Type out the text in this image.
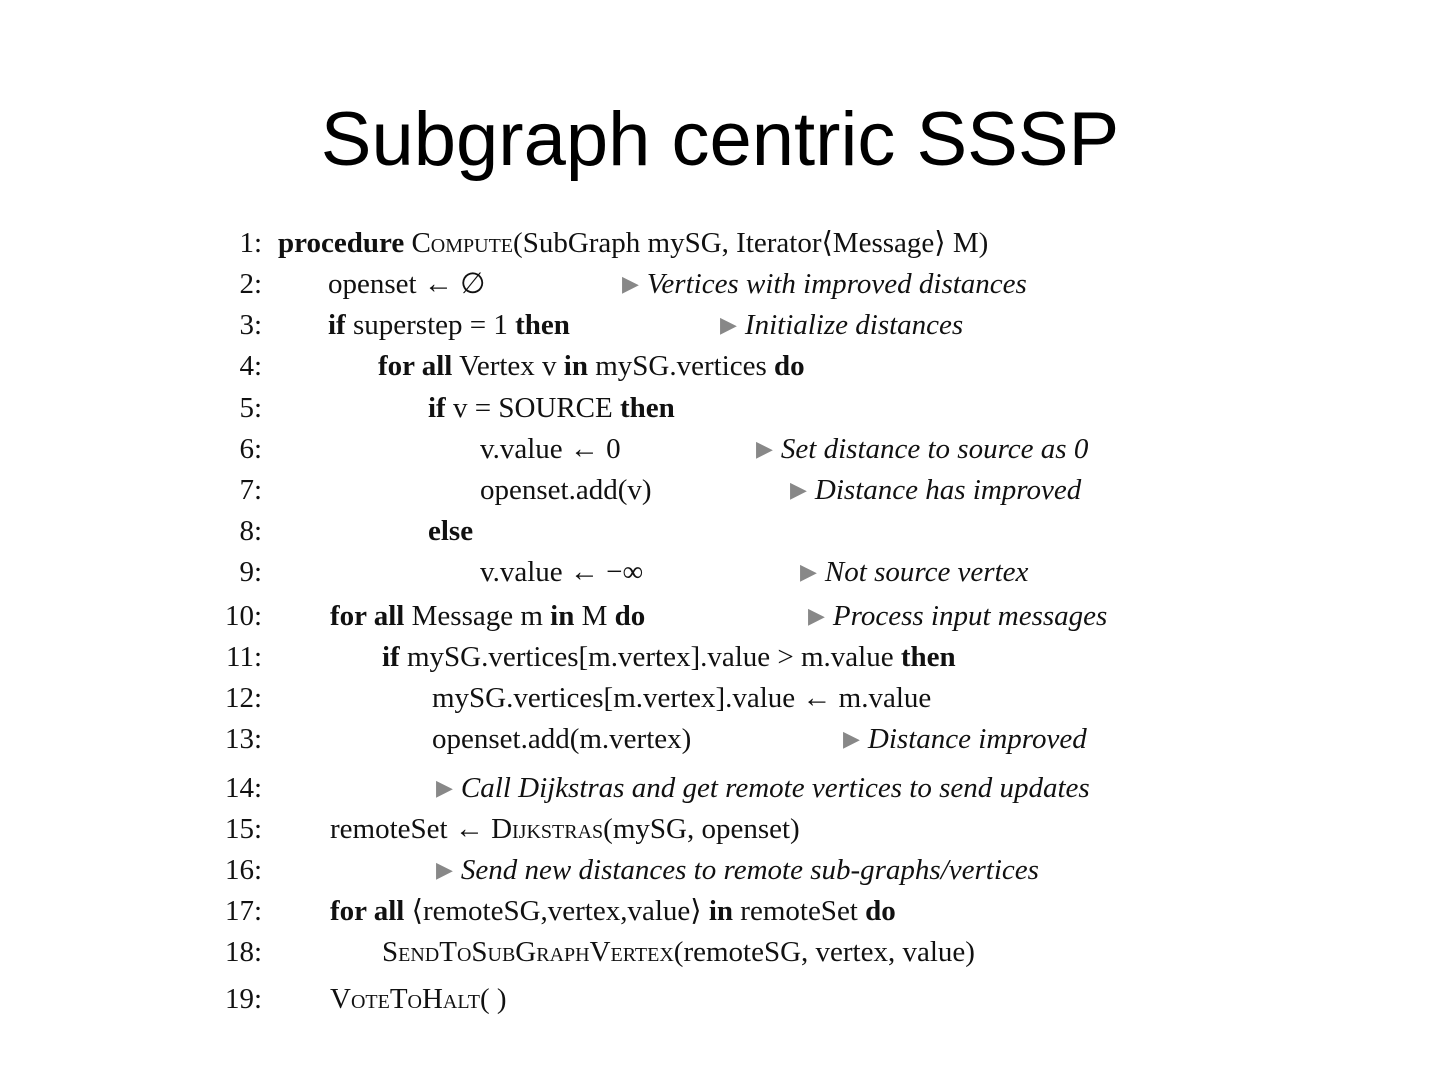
Subgraph centric SSSP
1: procedure Compute(SubGraph mySG, Iterator⟨Message⟩ M)
2: openset ← ∅	▶ Vertices with improved distances
3: if superstep = 1 then	▶ Initialize distances
4:	for all Vertex v in mySG.vertices do
5:	if v = SOURCE then
6:	v.value ← 0	▶ Set distance to source as 0
7:	openset.add(v)	▶ Distance has improved
8:	else
9:	v.value ← −∞	▶ Not source vertex
10: for all Message m in M do	▶ Process input messages
11:	if mySG.vertices[m.vertex].value > m.value then
12:	mySG.vertices[m.vertex].value ← m.value
13:	openset.add(m.vertex)	▶ Distance improved
14:	▶ Call Dijkstras and get remote vertices to send updates
15: remoteSet ← Dijkstras(mySG, openset)
16:	▶ Send new distances to remote sub-graphs/vertices
17: for all ⟨remoteSG,vertex,value⟩ in remoteSet do
18:	SendToSubGraphVertex(remoteSG, vertex, value)
19: VoteToHalt( )
